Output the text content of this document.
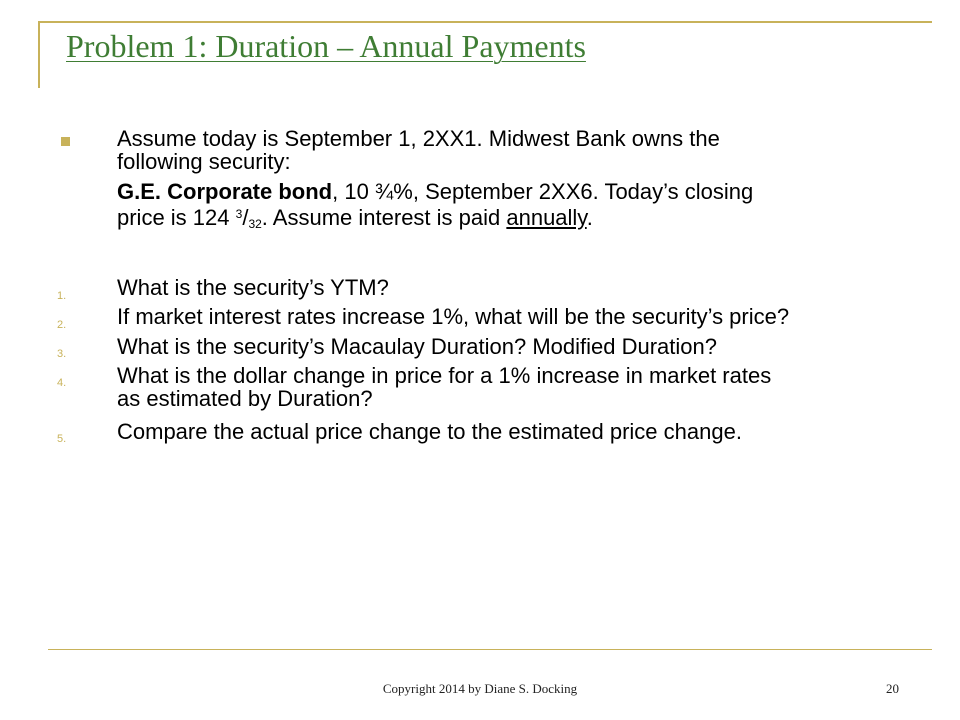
Problem 1: Duration – Annual Payments
Assume today is September 1, 2XX1. Midwest Bank owns the
following security:
G.E. Corporate bond, 10 ¾%, September 2XX6. Today’s closing
price is 124 $^3/_{32}$. Assume interest is paid annually.
1.	What is the security’s YTM?
2.	If market interest rates increase 1%, what will be the security’s price?
3.	What is the security’s Macaulay Duration? Modified Duration?
4.	What is the dollar change in price for a 1% increase in market rates
as estimated by Duration?
5.	Compare the actual price change to the estimated price change.
Copyright 2014 by Diane S. Docking	20
